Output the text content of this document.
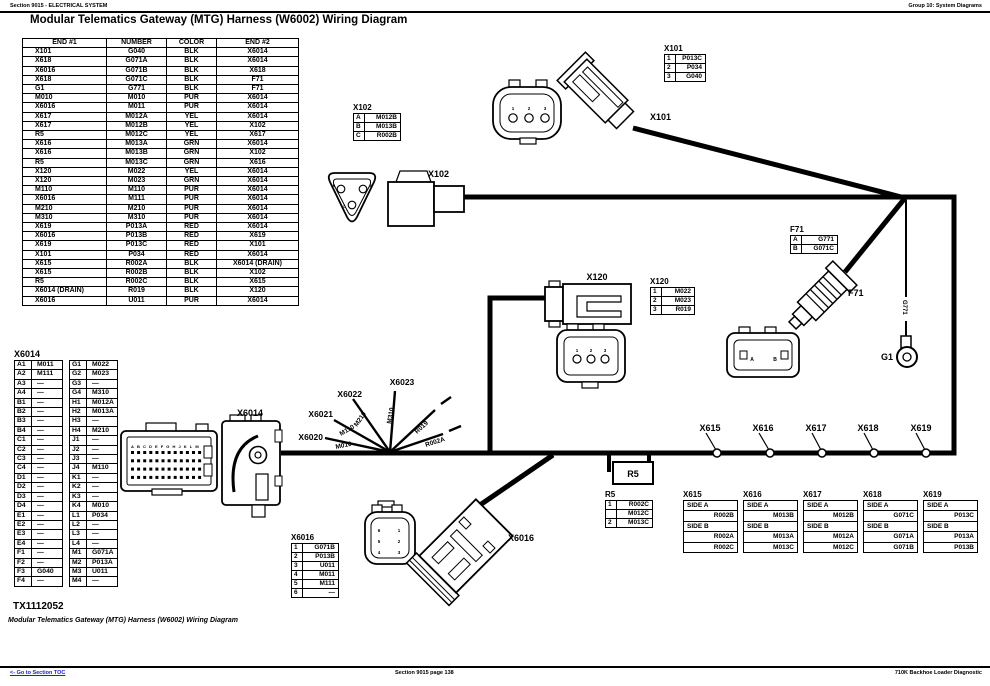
Section 9015 - ELECTRICAL SYSTEM	Group 10: System Diagrams
Modular Telematics Gateway (MTG) Harness (W6002) Wiring Diagram
R5
X101
X102
X120
F71
G1
G771
X6014
X6016
X6020
X6021
X6022
X6023
X615	X616	X617	X618	X619
M010
M110
M210	M310
R019
R002A
1	2	3
1	2	3
A	B
6	1
5	2
4	3
B	A
C
ABCDEFGHJKLM
END #1	NUMBER	COLOR	END #2
X101	G040	BLK	X6014
X618	G071A	BLK	X6014
X6016	G071B	BLK	X618
X618	G071C	BLK	F71
G1	G771	BLK	F71
M010	M010	PUR	X6014
X6016	M011	PUR	X6014
X617	M012A	YEL	X6014
X617	M012B	YEL	X102
R5	M012C	YEL	X617
X616	M013A	GRN	X6014
X616	M013B	GRN	X102
R5	M013C	GRN	X616
X120	M022	YEL	X6014
X120	M023	GRN	X6014
M110	M110	PUR	X6014
X6016	M111	PUR	X6014
M210	M210	PUR	X6014
M310	M310	PUR	X6014
X619	P013A	RED	X6014
X6016	P013B	RED	X619
X619	P013C	RED	X101
X101	P034	RED	X6014
X615	R002A	BLK	X6014 (DRAIN)
X615	R002B	BLK	X102
R5	R002C	BLK	X615
X6014 (DRAIN)	R019	BLK	X120
X6016	U011	PUR	X6014
X6014
A1	M011
A2	M111
A3	—
A4	—
B1	—
B2	—
B3	—
B4	—
C1	—
C2	—
C3	—
C4	—
D1	—
D2	—
D3	—
D4	—
E1	—
E2	—
E3	—
E4	—
F1	—
F2	—
F3	G040
F4	—
G1	M022
G2	M023
G3	—
G4	M310
H1	M012A
H2	M013A
H3	—
H4	M210
J1	—
J2	—
J3	—
J4	M110
K1	—
K2	—
K3	—
K4	M010
L1	P034
L2	—
L3	—
L4	—
M1	G071A
M2	P013A
M3	U011
M4	—
X101
1	P013C
2	P034
3	G040
X102
A	M012B
B	M013B
C	R002B
F71
A	G771
B	G071C
X120
1	M022
2	M023
3	R019
X6016
1	G071B
2	P013B
3	U011
4	M011
5	M111
6	—
R5
1	R002C
	M012C
2	M013C
X615
SIDE A
R002B
SIDE B
R002A
R002C
X616
SIDE A
M013B
SIDE B
M013A
M013C
X617
SIDE A
M012B
SIDE B
M012A
M012C
X618
SIDE A
G071C
SIDE B
G071A
G071B
X619
SIDE A
P013C
SIDE B
P013A
P013B
TX1112052
Modular Telematics Gateway (MTG) Harness (W6002) Wiring Diagram
<- Go to Section TOC	Section 9015 page 138	710K Backhoe Loader Diagnostic
